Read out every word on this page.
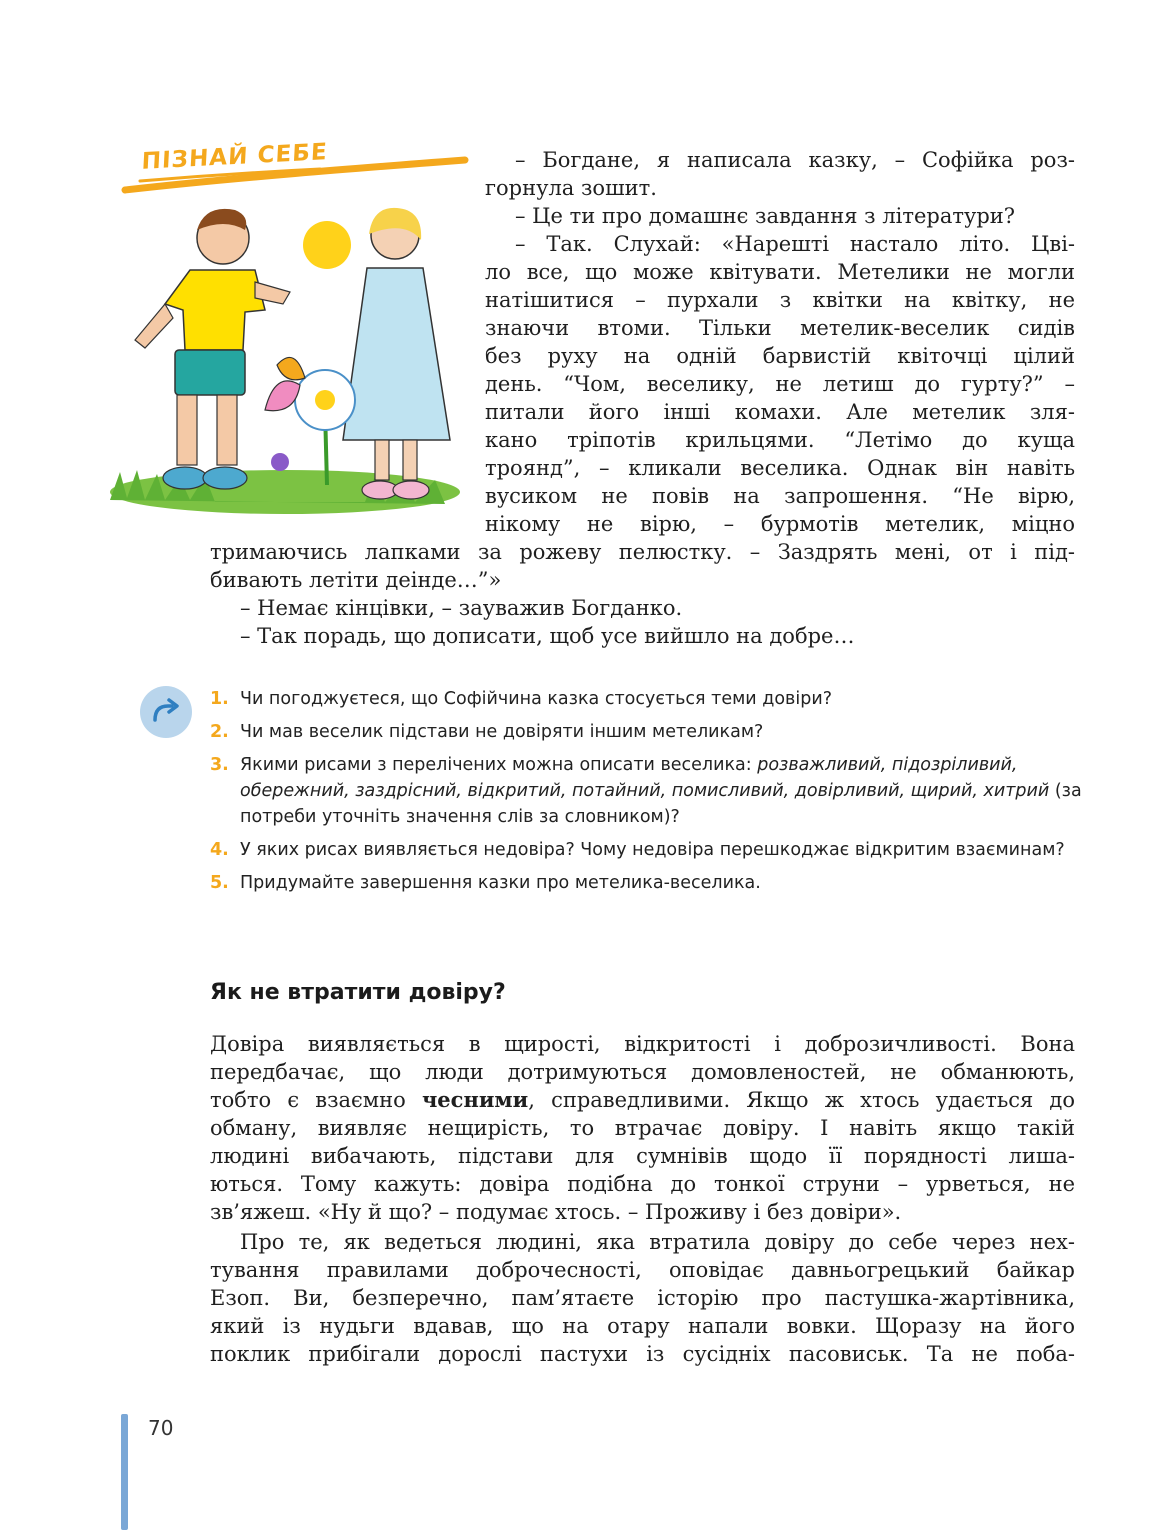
ПІЗНАЙ СЕБЕ	– Богдане, я написала казку, – Софійка роз-

горнула зошит.

– Це ти про домашнє завдання з літератури?

– Так. Слухай: «Нарешті настало літо. Цві-

ло все, що може квітувати. Метелики не могли

натішитися – пурхали з квітки на квітку, не

знаючи втоми. Тільки метелик-веселик сидів

без руху на одній барвистій квіточці цілий

день. “Чом, веселику, не летиш до гурту?” –

питали його інші комахи. Але метелик зля-

кано тріпотів крильцями. “Летімо до куща

троянд”, – кликали веселика. Однак він навіть

вусиком не повів на запрошення. “Не вірю,

нікому не вірю, – бурмотів метелик, міцно

тримаючись лапками за рожеву пелюстку. – Заздрять мені, от і під-

бивають летіти деінде…”»

– Немає кінцівки, – зауважив Богданко.

– Так порадь, що дописати, щоб усе вийшло на добре…

1. Чи погоджуєтеся, що Софійчина казка стосується теми довіри?
2. Чи мав веселик підстави не довіряти іншим метеликам?
3. Якими рисами з перелічених можна описати веселика: розважливий, підозріливий, обережний, заздрісний, відкритий, потайний, помисливий, довірливий, щирий, хитрий (за потреби уточніть значення слів за словником)?
4. У яких рисах виявляється недовіра? Чому недовіра перешкоджає відкритим взаєминам?
5. Придумайте завершення казки про метелика-веселика.
Як не втратити довіру?

Довіра виявляється в щирості, відкритості і доброзичливості. Вона

передбачає, що люди дотримуються домовленостей, не обманюють,

тобто є взаємно чесними, справедливими. Якщо ж хтось удається до

обману, виявляє нещирість, то втрачає довіру. І навіть якщо такій

людині вибачають, підстави для сумнівів щодо її порядності лиша-

ються. Тому кажуть: довіра подібна до тонкої струни – урветься, не

зв’яжеш. «Ну й що? – подумає хтось. – Проживу і без довіри».

Про те, як ведеться людині, яка втратила довіру до себе через нех-

тування правилами доброчесності, оповідає давньогрецький байкар

Езоп. Ви, безперечно, пам’ятаєте історію про пастушка-жартівника,

який із нудьги вдавав, що на отару напали вовки. Щоразу на його

поклик прибігали дорослі пастухи із сусідніх пасовиськ. Та не поба-

70
